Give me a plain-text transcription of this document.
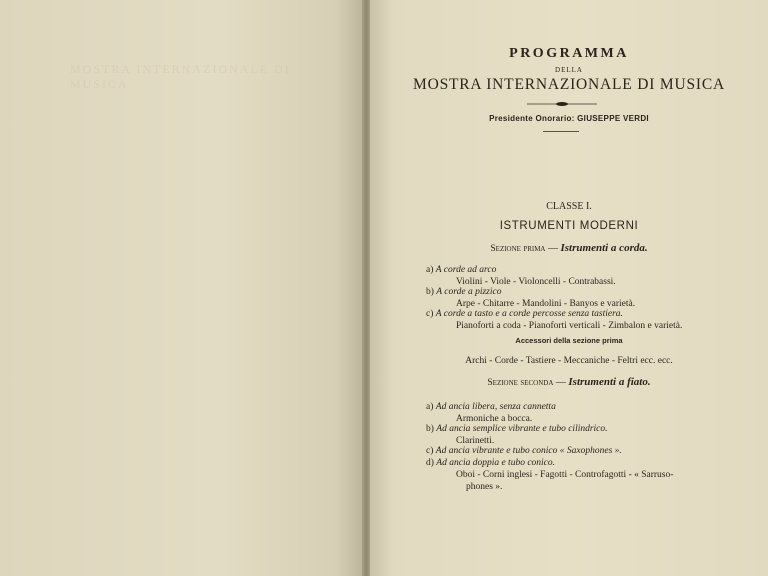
MOSTRA INTERNAZIONALE DI MUSICA
PROGRAMMA
DELLA
MOSTRA INTERNAZIONALE DI MUSICA
Presidente Onorario: GIUSEPPE VERDI
CLASSE I.
ISTRUMENTI MODERNI
Sezione prima — Istrumenti a corda.
a) A corde ad arco
Violini - Viole - Violoncelli - Contrabassi.
b) A corde a pizzico
Arpe - Chitarre - Mandolini - Banyos e varietà.
c) A corde a tasto e a corde percosse senza tastiera.
Pianoforti a coda - Pianoforti verticali - Zimbalon e varietà.
Accessori della sezione prima
Archi - Corde - Tastiere - Meccaniche - Feltri ecc. ecc.
Sezione seconda — Istrumenti a fiato.
a) Ad ancia libera, senza cannetta
Armoniche a bocca.
b) Ad ancia semplice vibrante e tubo cilindrico.
Clarinetti.
c) Ad ancia vibrante e tubo conico « Saxophones ».
d) Ad ancia doppia e tubo conico.
Oboi - Corni inglesi - Fagotti - Controfagotti - « Sarruso-
phones ».
